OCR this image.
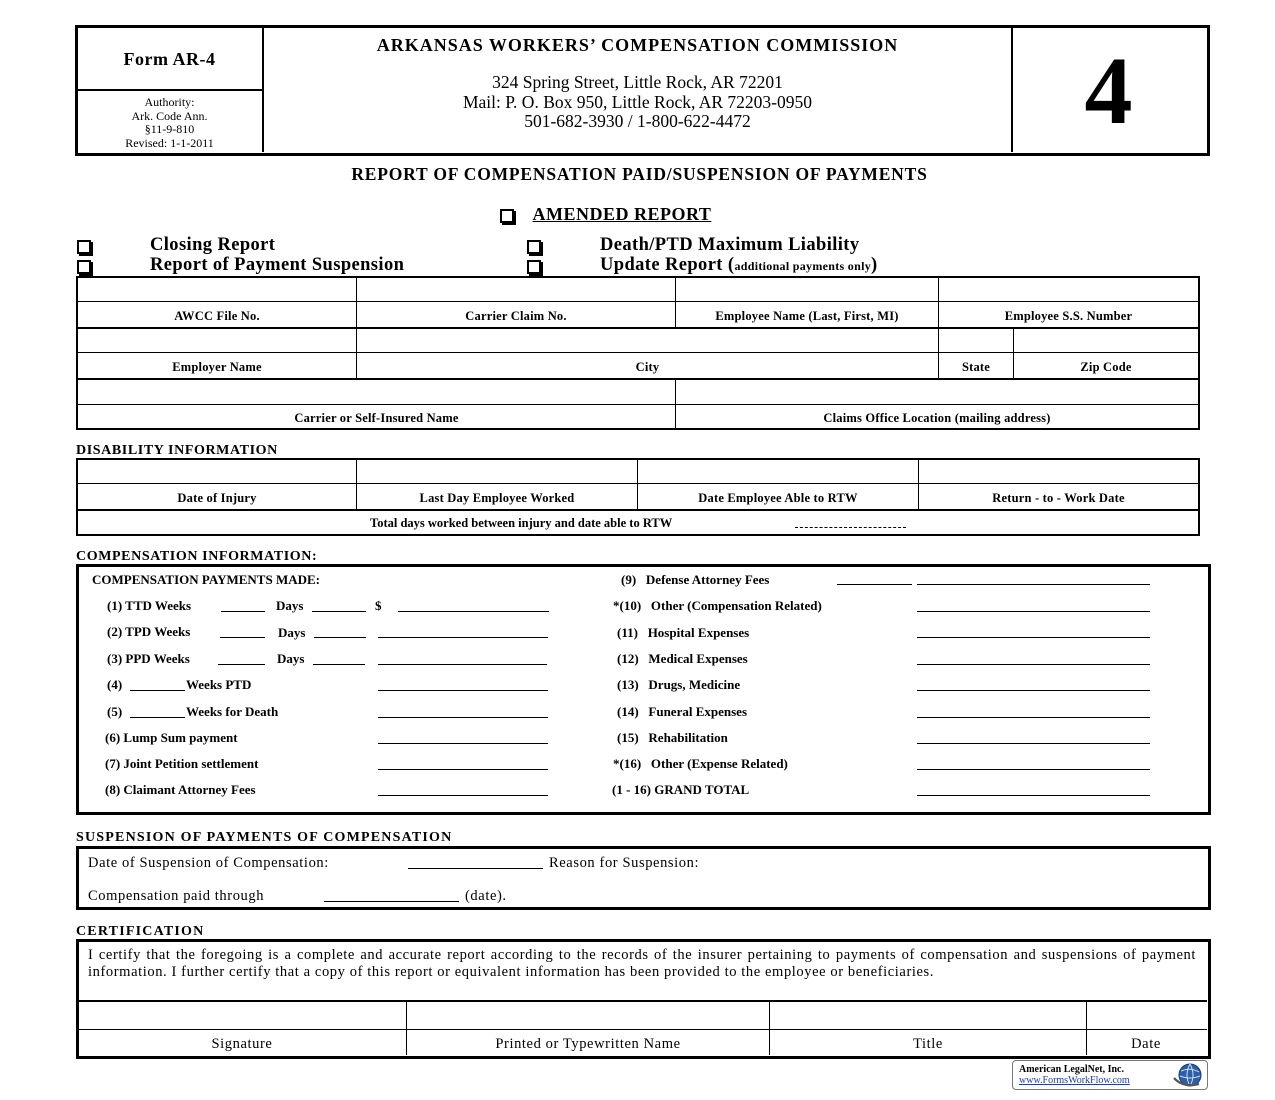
Form AR-4
Authority:
Ark. Code Ann.
§11-9-810
Revised: 1-1-2011
ARKANSAS WORKERS’ COMPENSATION COMMISSION
324 Spring Street, Little Rock, AR 72201
Mail: P. O. Box 950, Little Rock, AR 72203-0950
501-682-3930 / 1-800-622-4472	4
REPORT OF COMPENSATION PAID/SUSPENSION OF PAYMENTS
AMENDED REPORT
Closing Report
Report of Payment Suspension
Death/PTD Maximum Liability
Update Report (additional payments only)
AWCC File No.	Carrier Claim No.	Employee Name (Last, First, MI)	Employee S.S. Number
Employer Name	City	State	Zip Code
Carrier or Self-Insured Name	Claims Office Location (mailing address)
DISABILITY INFORMATION
Date of Injury	Last Day Employee Worked	Date Employee Able to RTW	Return - to - Work Date
Total days worked between injury and date able to RTW
COMPENSATION INFORMATION:
COMPENSATION PAYMENTS MADE:
(1) TTD Weeks	Days	$
(2) TPD Weeks	Days
(3) PPD Weeks	Days
(4)	Weeks PTD
(5)	Weeks for Death
(6) Lump Sum payment
(7) Joint Petition settlement
(8) Claimant Attorney Fees
(9)   Defense Attorney Fees
*(10)   Other (Compensation Related)
(11)   Hospital Expenses
(12)   Medical Expenses
(13)   Drugs, Medicine
(14)   Funeral Expenses
(15)   Rehabilitation
*(16)   Other (Expense Related)
(1 - 16) GRAND TOTAL
SUSPENSION OF PAYMENTS OF COMPENSATION
Date of Suspension of Compensation:	Reason for Suspension:
Compensation paid through	(date).
CERTIFICATION
I certify that the foregoing is a complete and accurate report according to the records of the insurer pertaining to payments of compensation and suspensions of payment information. I further certify that a copy of this report or equivalent information has been provided to the employee or beneficiaries.
Signature	Printed or Typewritten Name	Title	Date
American LegalNet, Inc.
www.FormsWorkFlow.com
